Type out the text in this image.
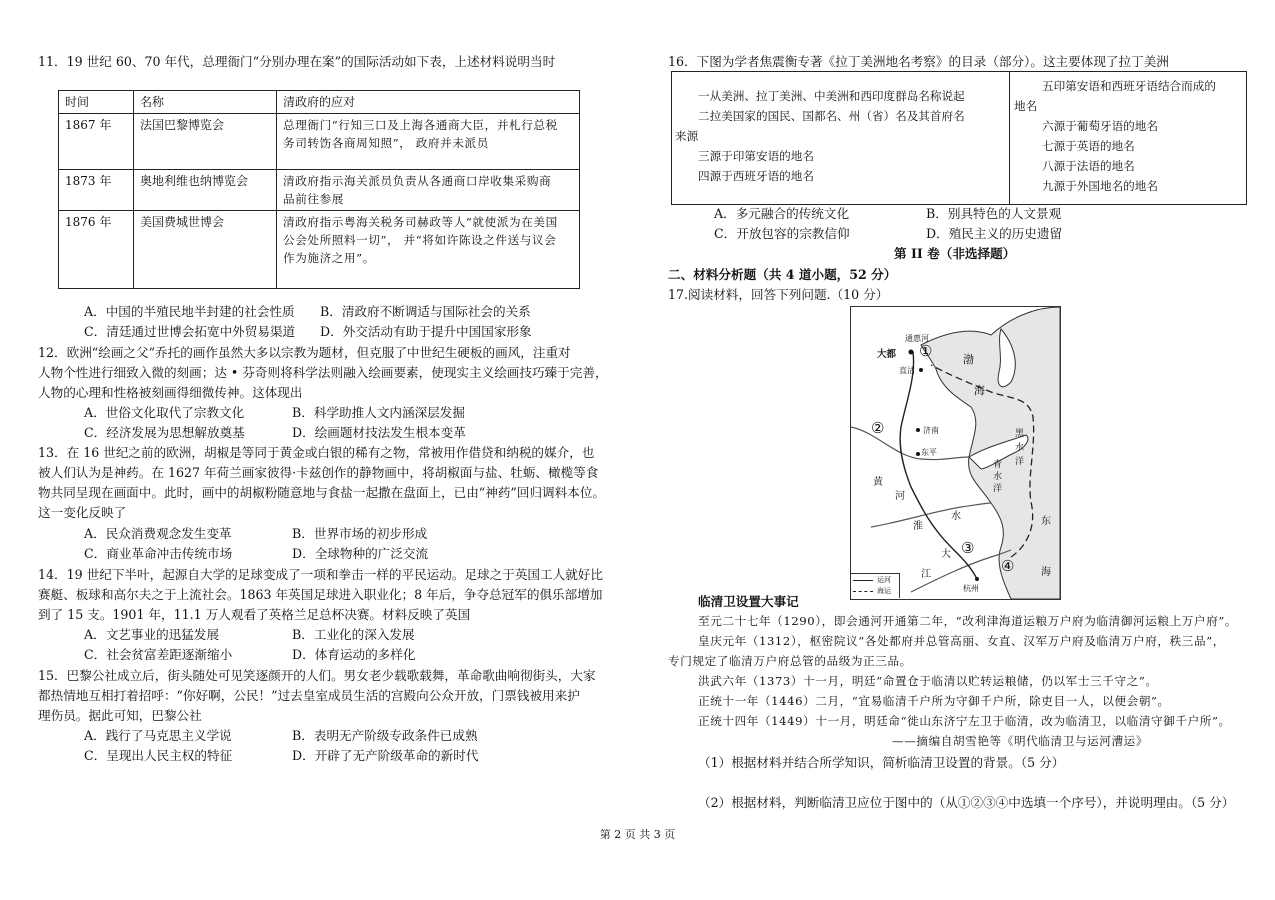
11．19 世纪 60、70 年代，总理衙门“分别办理在案”的国际活动如下表，上述材料说明当时
时间	名称	清政府的应对
1867 年	法国巴黎博览会	总理衙门“行知三口及上海各通商大臣，并札行总税
务司转饬各商周知照”， 政府并未派员

1873 年	奥地利维也纳博览会	清政府指示海关派员负责从各通商口岸收集采购商
品前往参展

1876 年	美国费城世博会	清政府指示粤海关税务司赫政等人“就使派为在美国
公会处所照料一切”， 并“将如许陈设之件送与议会
作为施济之用”。
A．中国的半殖民地半封建的社会性质 B．清政府不断调适与国际社会的关系
C．清廷通过世博会拓宽中外贸易渠道 D．外交活动有助于提升中国国家形象
12．欧洲“绘画之父”乔托的画作虽然大多以宗教为题材，但克服了中世纪生硬板的画风，注重对
人物个性进行细致入微的刻画；达 • 芬奇则将科学法则融入绘画要素，使现实主义绘画技巧臻于完善，
人物的心理和性格被刻画得细微传神。这体现出
A．世俗文化取代了宗教文化	B．科学助推人文内涵深层发掘
C．经济发展为思想解放奠基	D．绘画题材技法发生根本变革
13．在 16 世纪之前的欧洲，胡椒是等同于黄金或白银的稀有之物，常被用作借贷和纳税的媒介，也
被人们认为是神药。在 1627 年荷兰画家彼得·卡兹创作的静物画中，将胡椒面与盐、牡蛎、橄榄等食
物共同呈现在画面中。此时，画中的胡椒粉随意地与食盐一起撒在盘面上，已由“神药”回归调料本位。
这一变化反映了
A．民众消费观念发生变革	B．世界市场的初步形成
C．商业革命冲击传统市场	D．全球物种的广泛交流
14．19 世纪下半叶，起源自大学的足球变成了一项和拳击一样的平民运动。足球之于英国工人就好比
赛艇、板球和高尔夫之于上流社会。1863 年英国足球进入职业化；8 年后，争夺总冠军的俱乐部增加
到了 15 支。1901 年，11.1 万人观看了英格兰足总杯决赛。材料反映了英国
A．文艺事业的迅猛发展	B．工业化的深入发展
C．社会贫富差距逐渐缩小	D．体育运动的多样化
15．巴黎公社成立后，街头随处可见笑逐颜开的人们。男女老少载歌载舞，革命歌曲响彻街头，大家
都热情地互相打着招呼：“你好啊，公民！”过去皇室成员生活的宫殿向公众开放，门票钱被用来护
理伤员。据此可知，巴黎公社
A．践行了马克思主义学说	B．表明无产阶级专政条件已成熟
C．呈现出人民主权的特征	D．开辟了无产阶级革命的新时代
16．下图为学者焦震衡专著《拉丁美洲地名考察》的目录（部分）。这主要体现了拉丁美洲
一从美洲、拉丁美洲、中美洲和西印度群岛名称说起
二拉美国家的国民、国都名、州（省）名及其首府名
来源
三源于印第安语的地名
四源于西班牙语的地名
五印第安语和西班牙语结合而成的
地名
六源于葡萄牙语的地名
七源于英语的地名
八源于法语的地名
九源于外国地名的地名
A．多元融合的传统文化	B．别具特色的人文景观
C．开放包容的宗教信仰	D．殖民主义的历史遗留
第 II 卷（非选择题）
二、材料分析题（共 4 道小题，52 分）
17.阅读材料，回答下列问题.（10 分）
通惠河
大都 ①
直沽
渤
海
②	济南
东平
黄
河
淮
水
青
水
洋
黑
水
洋
东
海
大
江
③
④
杭州
运河
海运
临清卫设置大事记
至元二十七年（1290），即会通河开通第二年，“改利津海道运粮万户府为临清御河运粮上万户府”。
皇庆元年（1312），枢密院议“各处都府并总管高丽、女直、汉军万户府及临清万户府，秩三品”，
专门规定了临清万户府总管的品级为正三品。
洪武六年（1373）十一月，明廷“命置仓于临清以贮转运粮储，仍以军士三千守之”。
正统十一年（1446）二月，“宜易临清千户所为守御千户所，除吏目一人，以便会朝”。
正统十四年（1449）十一月，明廷命“徙山东济宁左卫于临清，改为临清卫，以临清守御千户所”。
——摘编自胡雪艳等《明代临清卫与运河漕运》
（1）根据材料并结合所学知识，简析临清卫设置的背景。（5 分）
（2）根据材料，判断临清卫应位于图中的（从①②③④中选填一个序号），并说明理由。（5 分）
第 2 页 共 3 页
